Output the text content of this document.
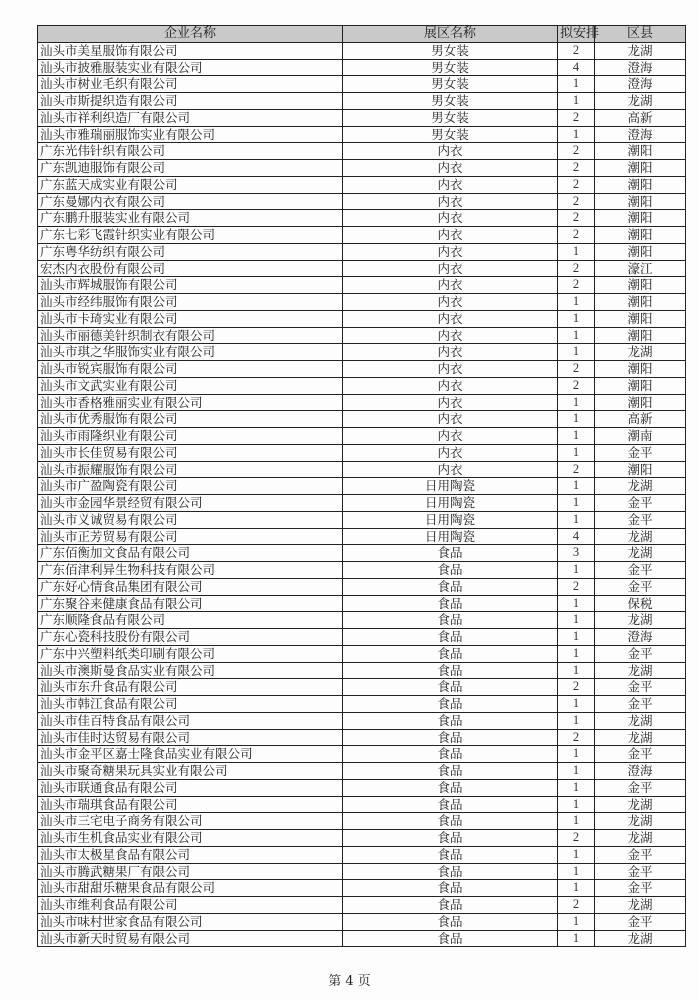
企业名称	展区名称	拟安排	区县
汕头市美星服饰有限公司	男女装	2	龙湖
汕头市披雅服装实业有限公司	男女装	4	澄海
汕头市树业毛织有限公司	男女装	1	澄海
汕头市斯提织造有限公司	男女装	1	龙湖
汕头市祥利织造厂有限公司	男女装	2	高新
汕头市雅瑞丽服饰实业有限公司	男女装	1	澄海
广东光伟针织有限公司	内衣	2	潮阳
广东凯迪服饰有限公司	内衣	2	潮阳
广东蓝天成实业有限公司	内衣	2	潮阳
广东曼娜内衣有限公司	内衣	2	潮阳
广东鹏升服装实业有限公司	内衣	2	潮阳
广东七彩飞霞针织实业有限公司	内衣	2	潮阳
广东粤华纺织有限公司	内衣	1	潮阳
宏杰内衣股份有限公司	内衣	2	濠江
汕头市辉城服饰有限公司	内衣	2	潮阳
汕头市经纬服饰有限公司	内衣	1	潮阳
汕头市卡琦实业有限公司	内衣	1	潮阳
汕头市丽德美针织制衣有限公司	内衣	1	潮阳
汕头市琪之华服饰实业有限公司	内衣	1	龙湖
汕头市锐宾服饰有限公司	内衣	2	潮阳
汕头市文武实业有限公司	内衣	2	潮阳
汕头市香格雅丽实业有限公司	内衣	1	潮阳
汕头市优秀服饰有限公司	内衣	1	高新
汕头市雨隆织业有限公司	内衣	1	潮南
汕头市长佳贸易有限公司	内衣	1	金平
汕头市振耀服饰有限公司	内衣	2	潮阳
汕头市广盈陶瓷有限公司	日用陶瓷	1	龙湖
汕头市金园华景经贸有限公司	日用陶瓷	1	金平
汕头市义诚贸易有限公司	日用陶瓷	1	金平
汕头市正芳贸易有限公司	日用陶瓷	4	龙湖
广东佰衡加文食品有限公司	食品	3	龙湖
广东佰津利异生物科技有限公司	食品	1	金平
广东好心情食品集团有限公司	食品	2	金平
广东聚谷来健康食品有限公司	食品	1	保税
广东顺隆食品有限公司	食品	1	龙湖
广东心瓷科技股份有限公司	食品	1	澄海
广东中兴塑料纸类印刷有限公司	食品	1	金平
汕头市澳斯曼食品实业有限公司	食品	1	龙湖
汕头市东升食品有限公司	食品	2	金平
汕头市韩江食品有限公司	食品	1	金平
汕头市佳百特食品有限公司	食品	1	龙湖
汕头市佳时达贸易有限公司	食品	2	龙湖
汕头市金平区嘉士隆食品实业有限公司	食品	1	金平
汕头市聚奇糖果玩具实业有限公司	食品	1	澄海
汕头市联通食品有限公司	食品	1	金平
汕头市瑞琪食品有限公司	食品	1	龙湖
汕头市三宅电子商务有限公司	食品	1	龙湖
汕头市生机食品实业有限公司	食品	2	龙湖
汕头市太极星食品有限公司	食品	1	金平
汕头市腾武糖果厂有限公司	食品	1	金平
汕头市甜甜乐糖果食品有限公司	食品	1	金平
汕头市维利食品有限公司	食品	2	龙湖
汕头市味村世家食品有限公司	食品	1	金平
汕头市新天时贸易有限公司	食品	1	龙湖
第 4 页
